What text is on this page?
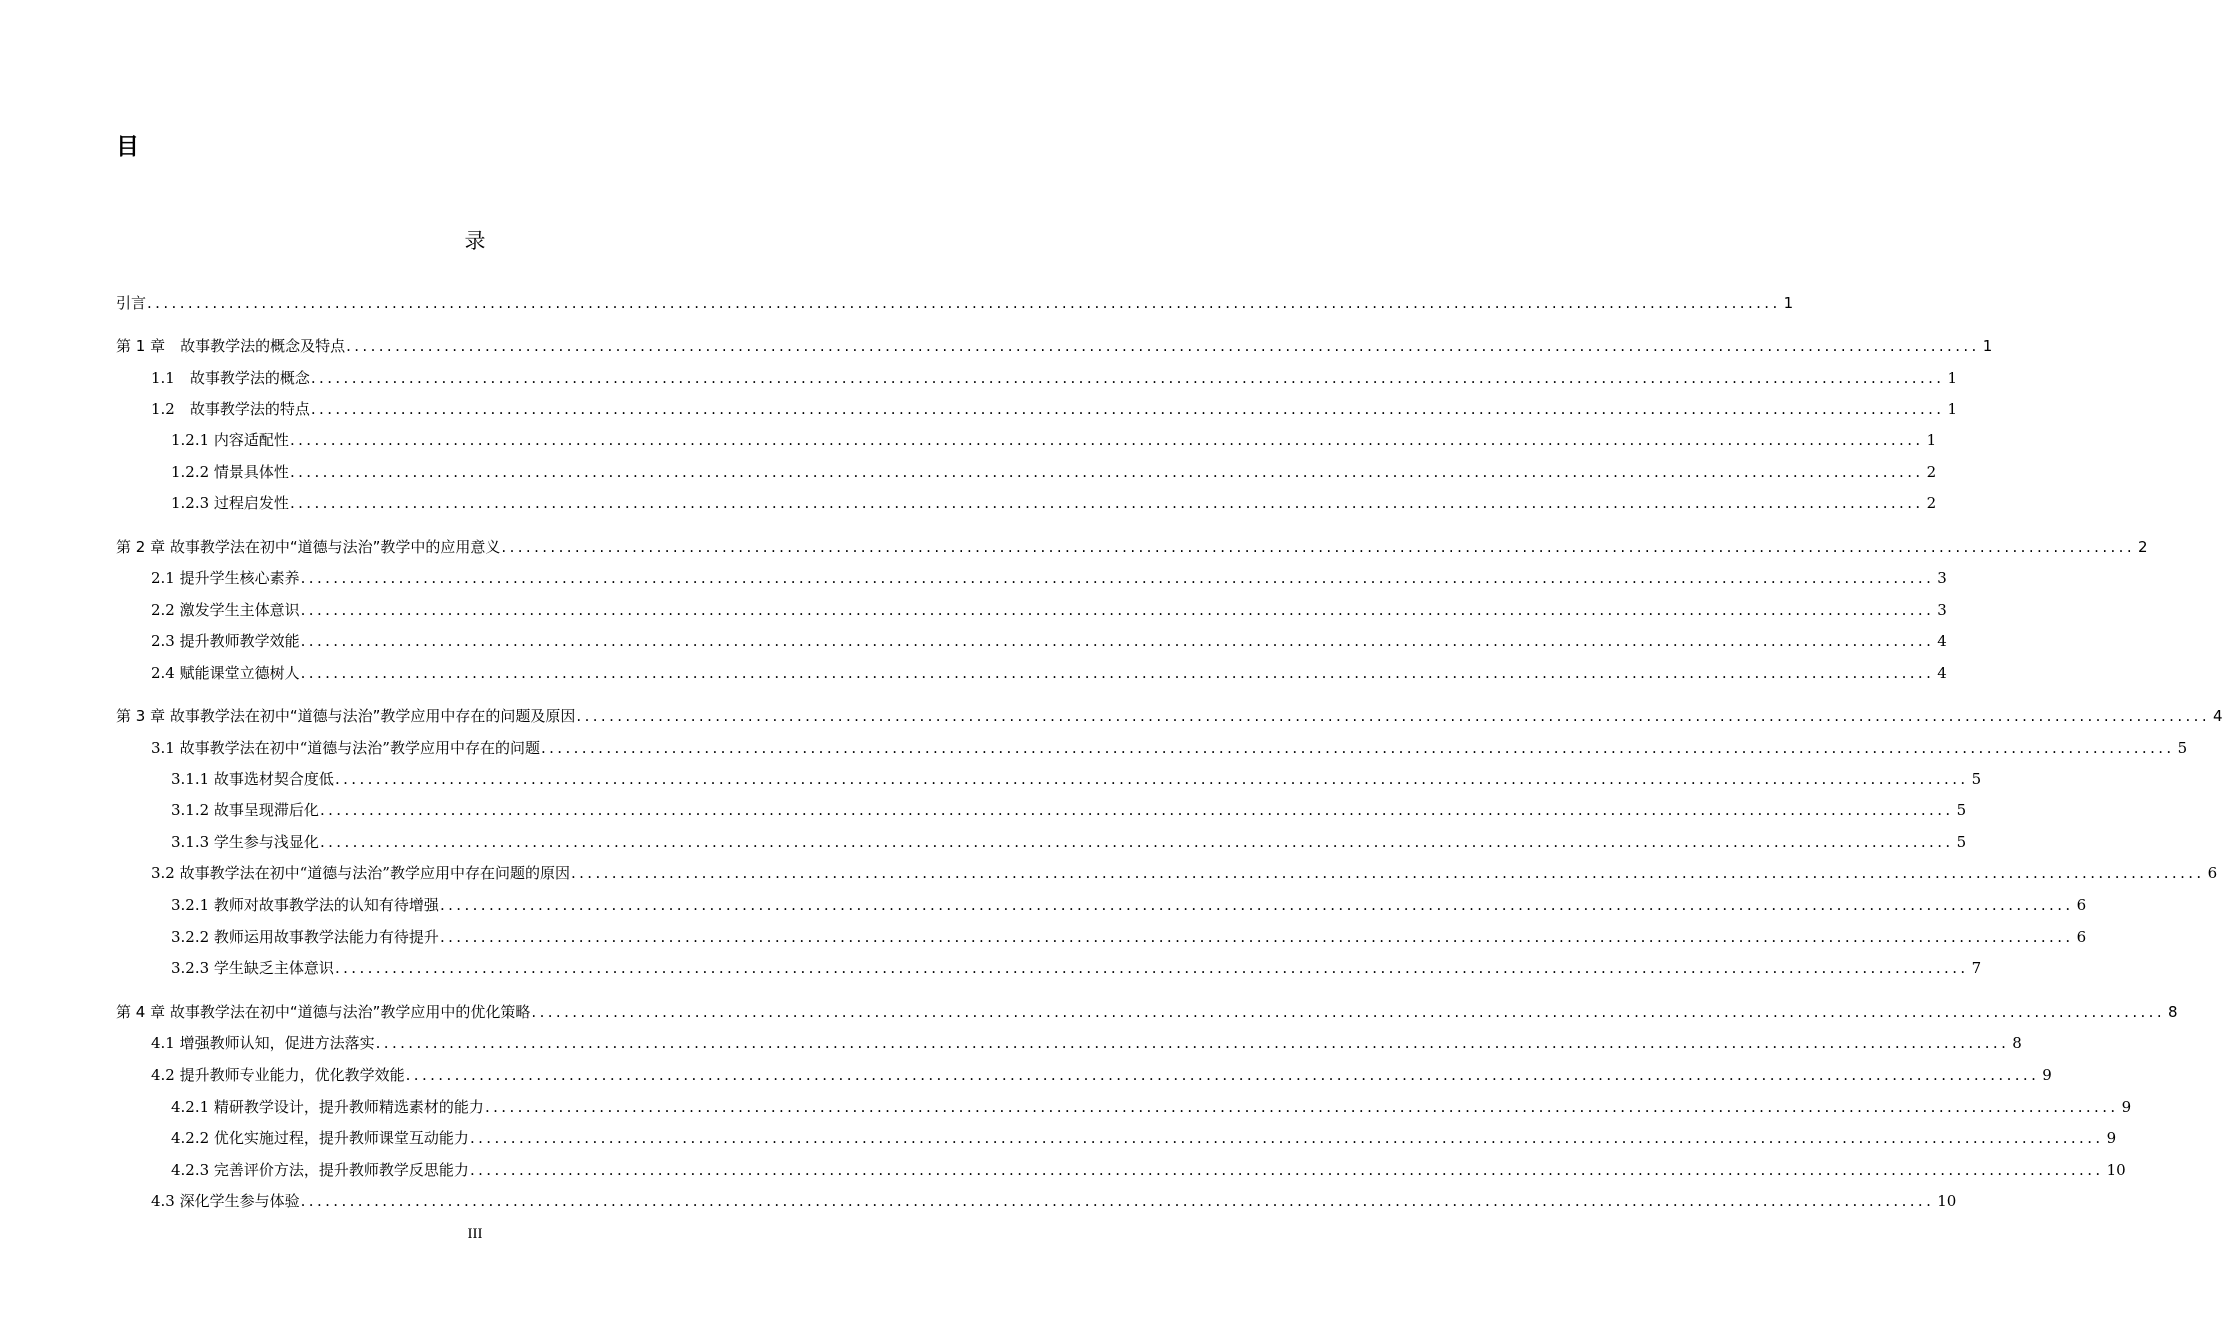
目
录
引言 ........................................................................................................................................................................................................ 1
第 1 章　故事教学法的概念及特点 ........................................................................................................................................................................................................ 1
1.1　故事教学法的概念 ........................................................................................................................................................................................................ 1
1.2　故事教学法的特点 ........................................................................................................................................................................................................ 1
1.2.1 内容适配性 ........................................................................................................................................................................................................ 1
1.2.2 情景具体性 ........................................................................................................................................................................................................ 2
1.2.3 过程启发性 ........................................................................................................................................................................................................ 2
第 2 章 故事教学法在初中“道德与法治”教学中的应用意义 ........................................................................................................................................................................................................ 2
2.1 提升学生核心素养 ........................................................................................................................................................................................................ 3
2.2 激发学生主体意识 ........................................................................................................................................................................................................ 3
2.3 提升教师教学效能 ........................................................................................................................................................................................................ 4
2.4 赋能课堂立德树人 ........................................................................................................................................................................................................ 4
第 3 章 故事教学法在初中“道德与法治”教学应用中存在的问题及原因 ........................................................................................................................................................................................................ 4
3.1 故事教学法在初中“道德与法治”教学应用中存在的问题 ........................................................................................................................................................................................................ 5
3.1.1 故事选材契合度低 ........................................................................................................................................................................................................ 5
3.1.2 故事呈现滞后化 ........................................................................................................................................................................................................ 5
3.1.3 学生参与浅显化 ........................................................................................................................................................................................................ 5
3.2 故事教学法在初中“道德与法治”教学应用中存在问题的原因 ........................................................................................................................................................................................................ 6
3.2.1 教师对故事教学法的认知有待增强 ........................................................................................................................................................................................................ 6
3.2.2 教师运用故事教学法能力有待提升 ........................................................................................................................................................................................................ 6
3.2.3 学生缺乏主体意识 ........................................................................................................................................................................................................ 7
第 4 章 故事教学法在初中“道德与法治”教学应用中的优化策略 ........................................................................................................................................................................................................ 8
4.1 增强教师认知，促进方法落实 ........................................................................................................................................................................................................ 8
4.2 提升教师专业能力，优化教学效能 ........................................................................................................................................................................................................ 9
4.2.1 精研教学设计，提升教师精选素材的能力 ........................................................................................................................................................................................................ 9
4.2.2 优化实施过程，提升教师课堂互动能力 ........................................................................................................................................................................................................ 9
4.2.3 完善评价方法，提升教师教学反思能力 ........................................................................................................................................................................................................ 10
4.3 深化学生参与体验 ........................................................................................................................................................................................................ 10
III
